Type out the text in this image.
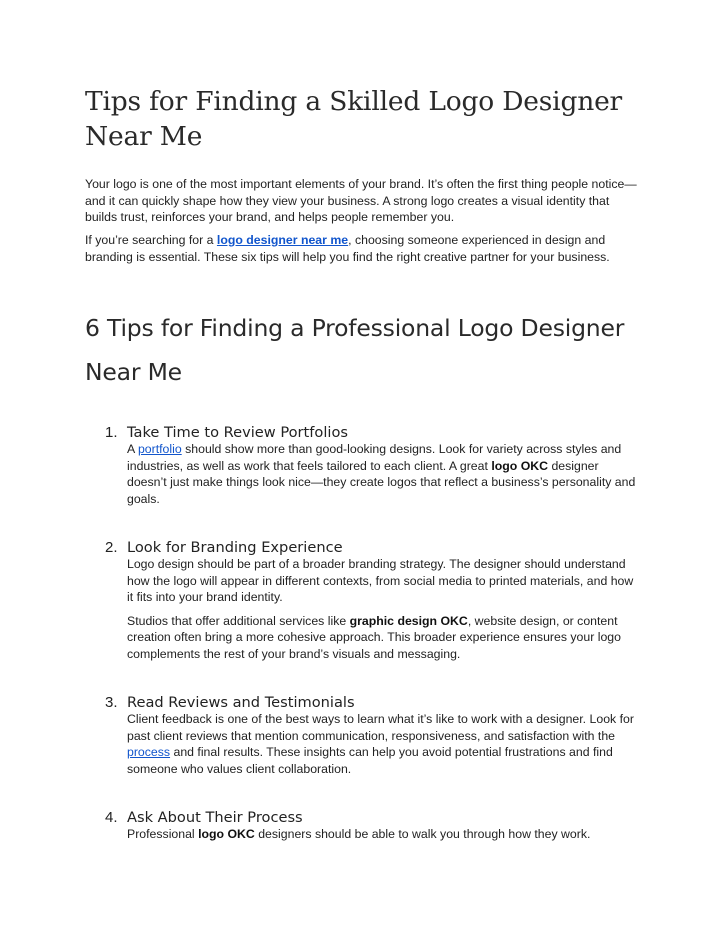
Tips for Finding a Skilled Logo Designer Near Me

Your logo is one of the most important elements of your brand. It’s often the first thing people notice—and it can quickly shape how they view your business. A strong logo creates a visual identity that builds trust, reinforces your brand, and helps people remember you.

If you’re searching for a logo designer near me, choosing someone experienced in design and branding is essential. These six tips will help you find the right creative partner for your business.

6 Tips for Finding a Professional Logo Designer Near Me
1. Take Time to Review Portfolios

A portfolio should show more than good-looking designs. Look for variety across styles and industries, as well as work that feels tailored to each client. A great logo OKC designer doesn’t just make things look nice—they create logos that reflect a business’s personality and goals.

2. Look for Branding Experience

Logo design should be part of a broader branding strategy. The designer should understand how the logo will appear in different contexts, from social media to printed materials, and how it fits into your brand identity.

Studios that offer additional services like graphic design OKC, website design, or content creation often bring a more cohesive approach. This broader experience ensures your logo complements the rest of your brand’s visuals and messaging.

3. Read Reviews and Testimonials

Client feedback is one of the best ways to learn what it’s like to work with a designer. Look for past client reviews that mention communication, responsiveness, and satisfaction with the process and final results. These insights can help you avoid potential frustrations and find someone who values client collaboration.

4. Ask About Their Process

Professional logo OKC designers should be able to walk you through how they work.
